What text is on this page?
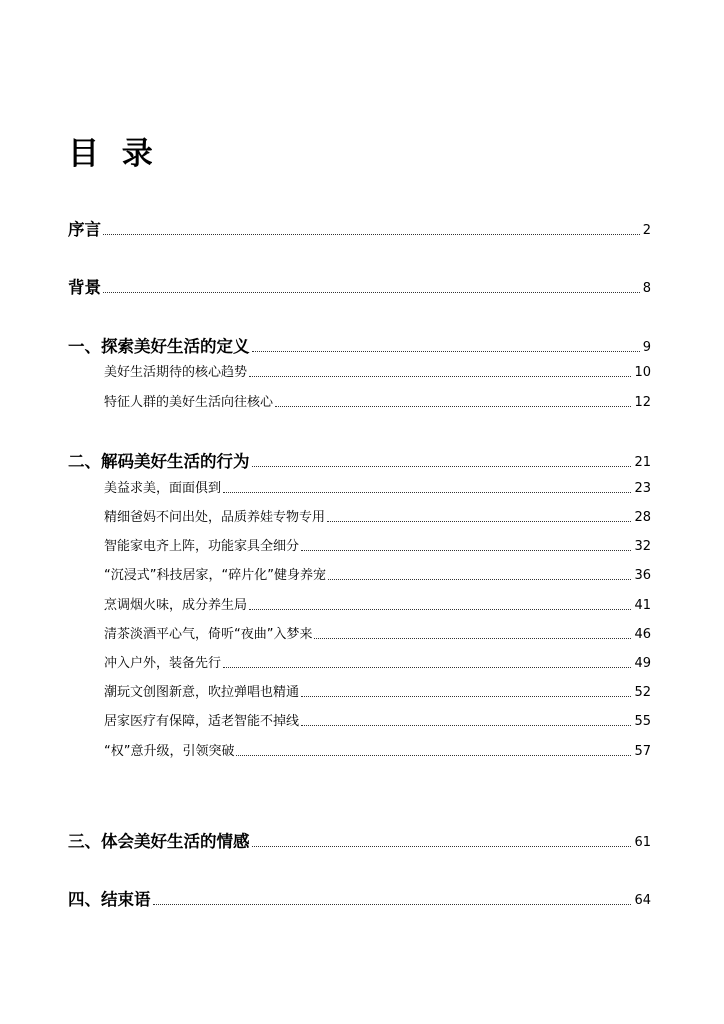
目 录
序言	2
背景	8
一、探索美好生活的定义	9
美好生活期待的核心趋势	10
特征人群的美好生活向往核心	12
二、解码美好生活的行为	21
美益求美，面面俱到	23
精细爸妈不问出处，品质养娃专物专用	28
智能家电齐上阵，功能家具全细分	32
“沉浸式”科技居家，“碎片化”健身养宠	36
烹调烟火味，成分养生局	41
清茶淡酒平心气，倚听“夜曲”入梦来	46
冲入户外，装备先行	49
潮玩文创图新意，吹拉弹唱也精通	52
居家医疗有保障，适老智能不掉线	55
“权”意升级，引领突破	57
三、体会美好生活的情感	61
四、结束语	64
